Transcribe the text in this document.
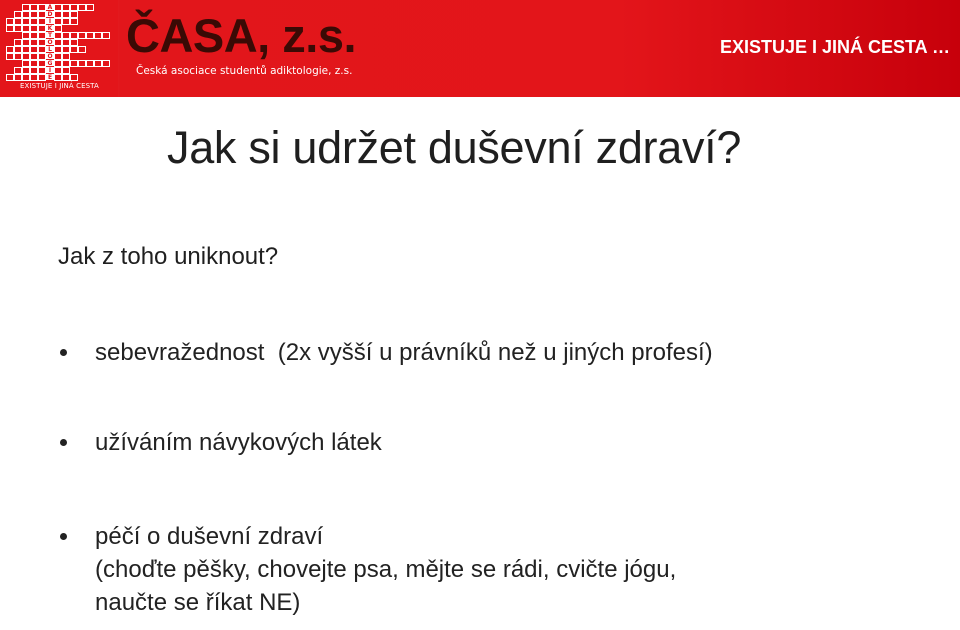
A
D
I
K
T
O
L
O
G
I
E
EXISTUJE I JINÁ CESTA
ČASA, z.s.
Česká asociace studentů adiktologie, z.s.
EXISTUJE I JINÁ CESTA …
Jak si udržet duševní zdraví?
Jak z toho uniknout?
sebevražednost  (2x vyšší u právníků než u jiných profesí)
užíváním návykových látek
péčí o duševní zdraví
(choďte pěšky, chovejte psa, mějte se rádi, cvičte jógu,
naučte se říkat NE)
